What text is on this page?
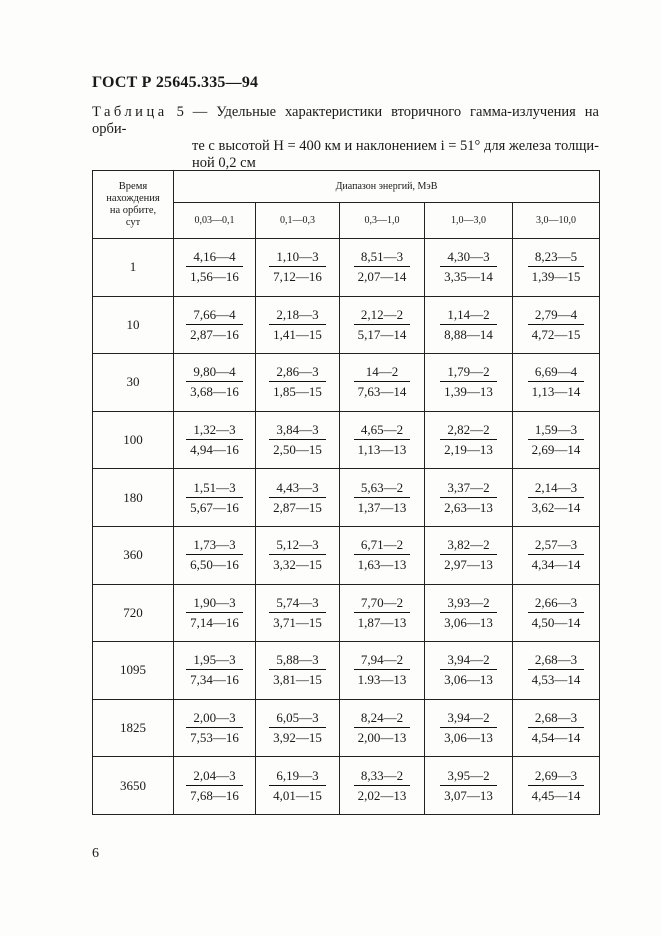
ГОСТ Р 25645.335—94
Таблица 5 — Удельные характеристики вторичного гамма-излучения на орби-
те с высотой H = 400 км и наклонением i = 51° для железа толщи-
ной 0,2 см
Время
нахождения
на орбите,
сут	Диапазон энергий, МэВ				
	0,03—0,1	0,1—0,3	0,3—1,0	1,0—3,0	3,0—10,0
1	$\frac{4,16—4}{1,56—16}$	$\frac{1,10—3}{7,12—16}$	$\frac{8,51—3}{2,07—14}$	$\frac{4,30—3}{3,35—14}$	$\frac{8,23—5}{1,39—15}$

10	$\frac{7,66—4}{2,87—16}$	$\frac{2,18—3}{1,41—15}$	$\frac{2,12—2}{5,17—14}$	$\frac{1,14—2}{8,88—14}$	$\frac{2,79—4}{4,72—15}$

30	$\frac{9,80—4}{3,68—16}$	$\frac{2,86—3}{1,85—15}$	$\frac{14—2}{7,63—14}$	$\frac{1,79—2}{1,39—13}$	$\frac{6,69—4}{1,13—14}$

100	$\frac{1,32—3}{4,94—16}$	$\frac{3,84—3}{2,50—15}$	$\frac{4,65—2}{1,13—13}$	$\frac{2,82—2}{2,19—13}$	$\frac{1,59—3}{2,69—14}$

180	$\frac{1,51—3}{5,67—16}$	$\frac{4,43—3}{2,87—15}$	$\frac{5,63—2}{1,37—13}$	$\frac{3,37—2}{2,63—13}$	$\frac{2,14—3}{3,62—14}$

360	$\frac{1,73—3}{6,50—16}$	$\frac{5,12—3}{3,32—15}$	$\frac{6,71—2}{1,63—13}$	$\frac{3,82—2}{2,97—13}$	$\frac{2,57—3}{4,34—14}$

720	$\frac{1,90—3}{7,14—16}$	$\frac{5,74—3}{3,71—15}$	$\frac{7,70—2}{1,87—13}$	$\frac{3,93—2}{3,06—13}$	$\frac{2,66—3}{4,50—14}$

1095	$\frac{1,95—3}{7,34—16}$	$\frac{5,88—3}{3,81—15}$	$\frac{7,94—2}{1.93—13}$	$\frac{3,94—2}{3,06—13}$	$\frac{2,68—3}{4,53—14}$

1825	$\frac{2,00—3}{7,53—16}$	$\frac{6,05—3}{3,92—15}$	$\frac{8,24—2}{2,00—13}$	$\frac{3,94—2}{3,06—13}$	$\frac{2,68—3}{4,54—14}$

3650	$\frac{2,04—3}{7,68—16}$	$\frac{6,19—3}{4,01—15}$	$\frac{8,33—2}{2,02—13}$	$\frac{3,95—2}{3,07—13}$	$\frac{2,69—3}{4,45—14}$
6
